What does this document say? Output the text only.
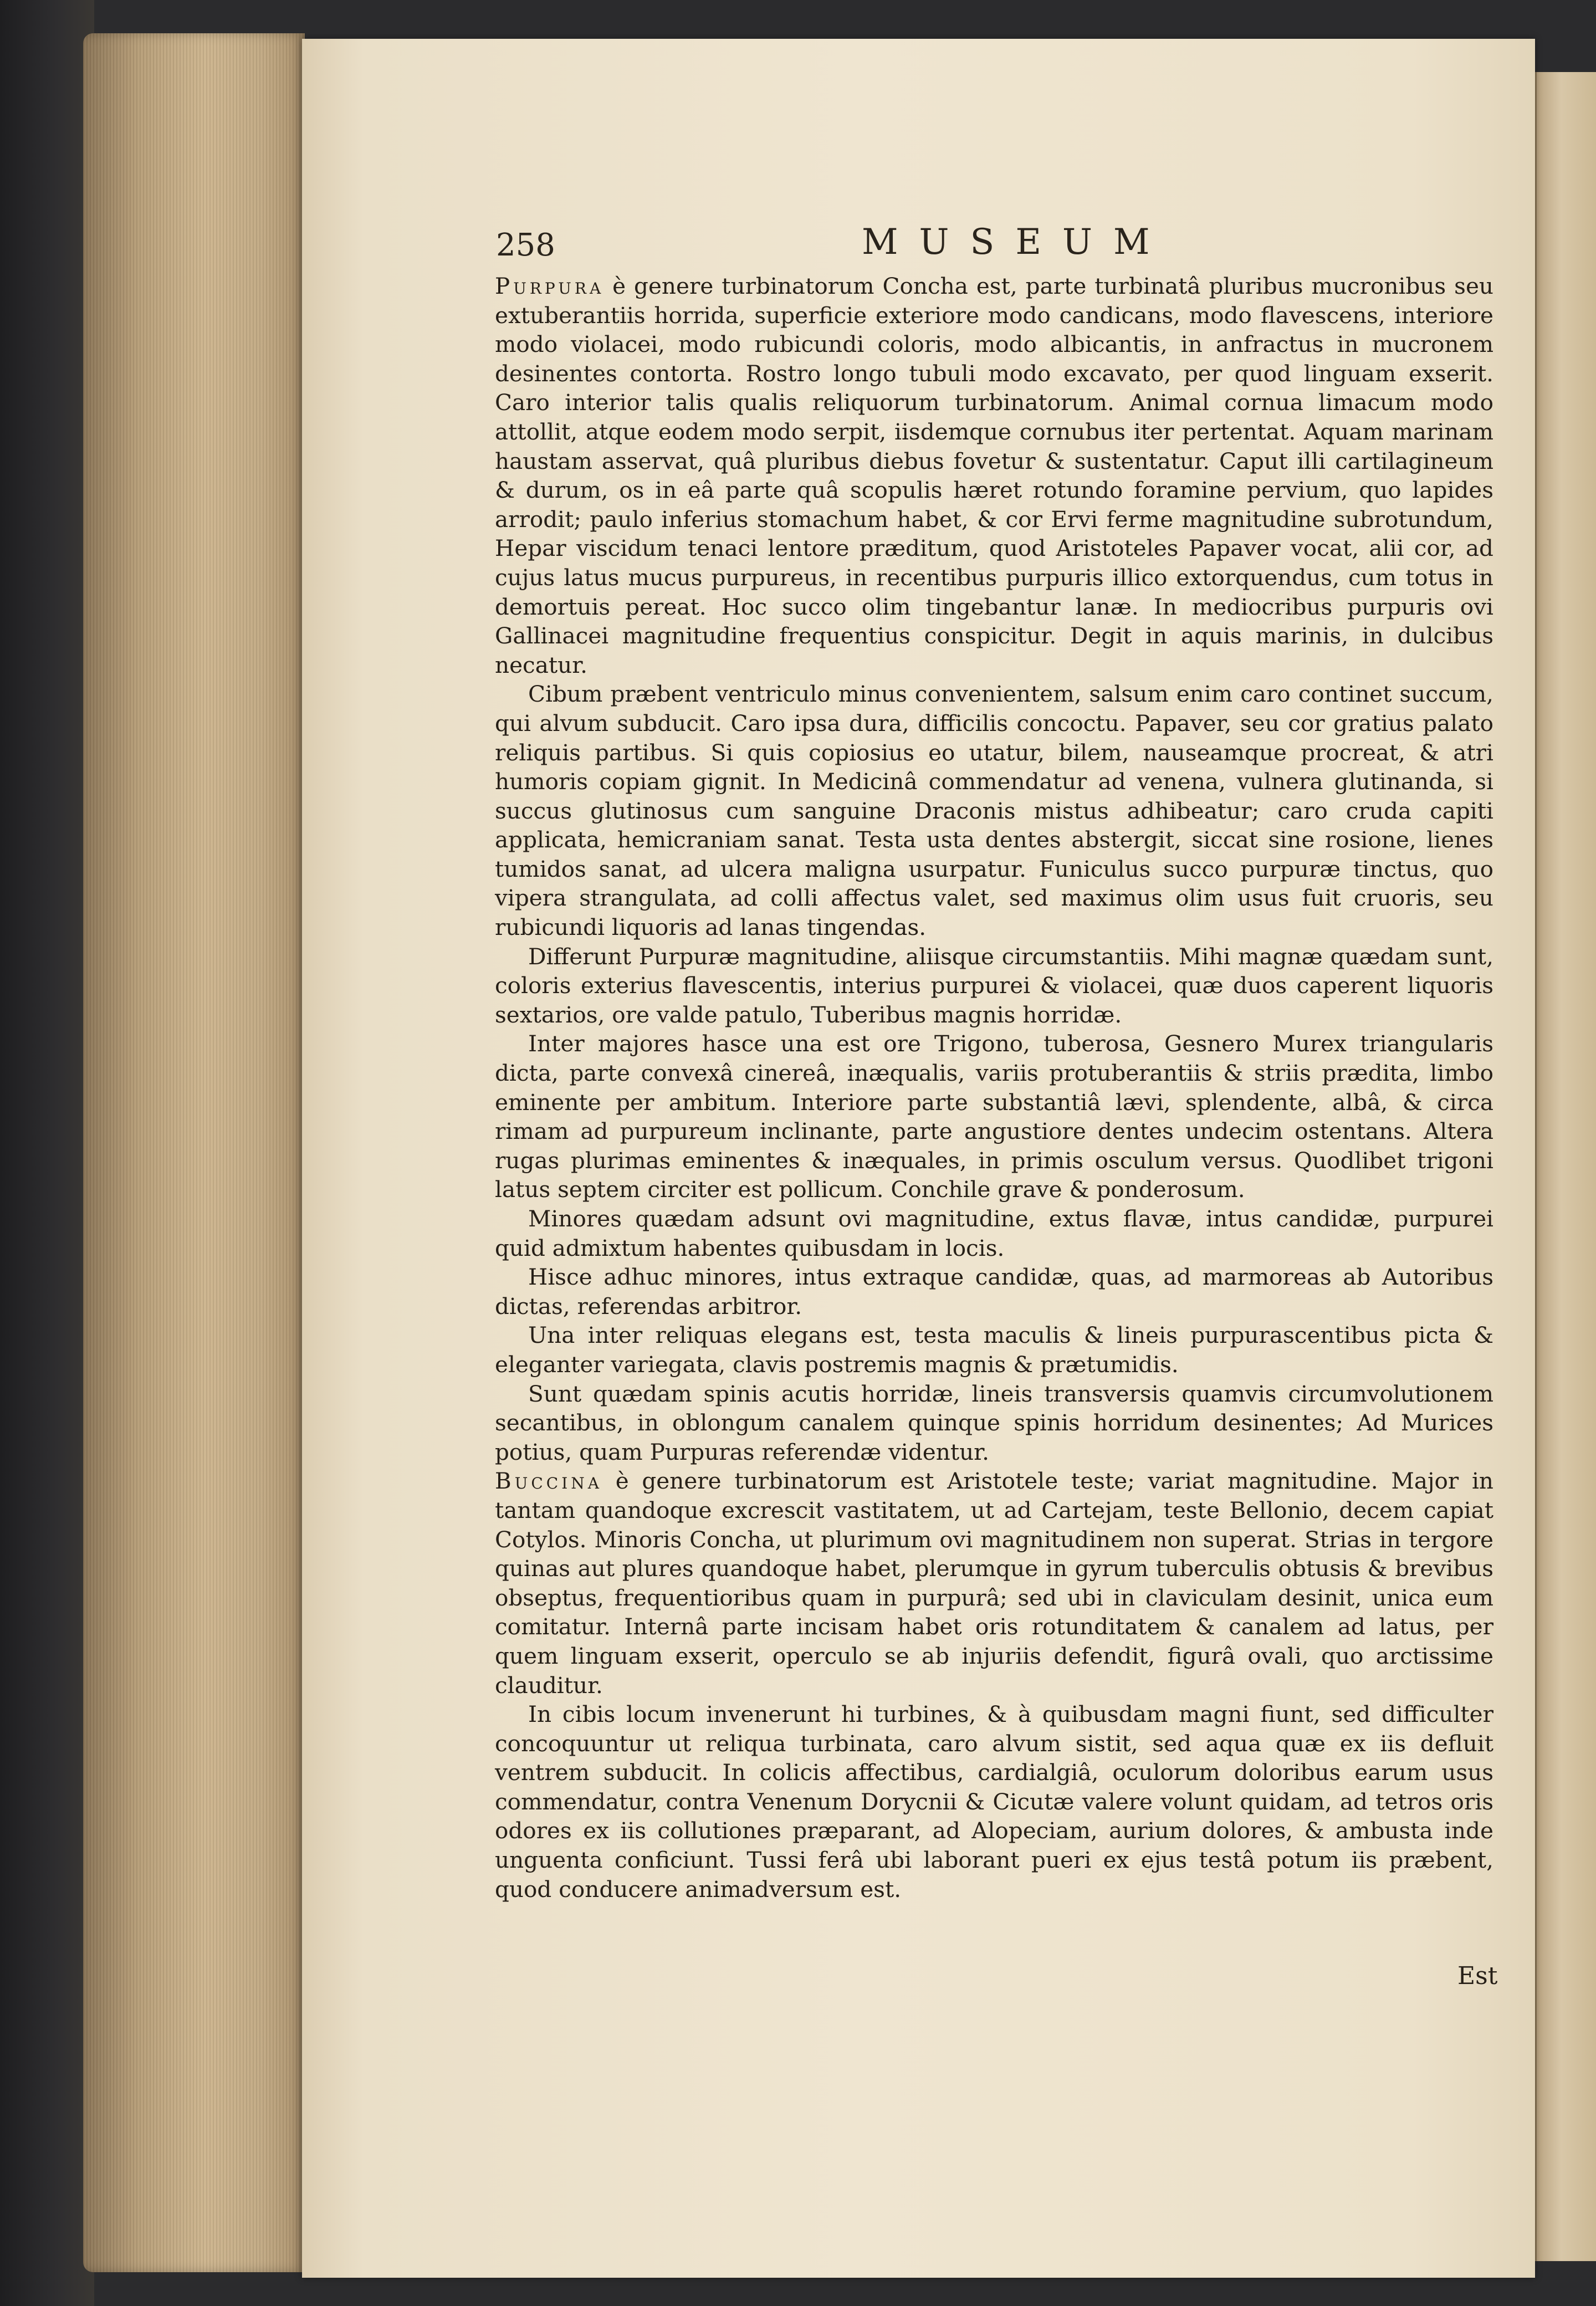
258	MUSEUM

Purpura è genere turbinatorum Concha est, parte turbinatâ pluribus mucronibus seu extuberantiis horrida, superficie exteriore modo candicans, modo flavescens, interiore modo violacei, modo rubicundi coloris, modo albicantis, in anfractus in mucronem desinentes contorta. Rostro longo tubuli modo excavato, per quod linguam exserit. Caro interior talis qualis reliquorum turbinatorum. Animal cornua limacum modo attollit, atque eodem modo serpit, iisdemque cornubus iter pertentat. Aquam marinam haustam asservat, quâ pluribus diebus fovetur & sustentatur. Caput illi cartilagineum & durum, os in eâ parte quâ scopulis hæret rotundo foramine pervium, quo lapides arrodit; paulo inferius stomachum habet, & cor Ervi ferme magnitudine subrotundum, Hepar viscidum tenaci lentore præditum, quod Aristoteles Papaver vocat, alii cor, ad cujus latus mucus purpureus, in recentibus purpuris illico extorquendus, cum totus in demortuis pereat. Hoc succo olim tingebantur lanæ. In mediocribus purpuris ovi Gallinacei magnitudine frequentius conspicitur. Degit in aquis marinis, in dulcibus necatur.

Cibum præbent ventriculo minus convenientem, salsum enim caro continet succum, qui alvum subducit. Caro ipsa dura, difficilis concoctu. Papaver, seu cor gratius palato reliquis partibus. Si quis copiosius eo utatur, bilem, nauseamque procreat, & atri humoris copiam gignit. In Medicinâ commendatur ad venena, vulnera glutinanda, si succus glutinosus cum sanguine Draconis mistus adhibeatur; caro cruda capiti applicata, hemicraniam sanat. Testa usta dentes abstergit, siccat sine rosione, lienes tumidos sanat, ad ulcera maligna usurpatur. Funiculus succo purpuræ tinctus, quo vipera strangulata, ad colli affectus valet, sed maximus olim usus fuit cruoris, seu rubicundi liquoris ad lanas tingendas.

Differunt Purpuræ magnitudine, aliisque circumstantiis. Mihi magnæ quædam sunt, coloris exterius flavescentis, interius purpurei & violacei, quæ duos caperent liquoris sextarios, ore valde patulo, Tuberibus magnis horridæ.

Inter majores hasce una est ore Trigono, tuberosa, Gesnero Murex triangularis dicta, parte convexâ cinereâ, inæqualis, variis protuberantiis & striis prædita, limbo eminente per ambitum. Interiore parte substantiâ lævi, splendente, albâ, & circa rimam ad purpureum inclinante, parte angustiore dentes undecim ostentans. Altera rugas plurimas eminentes & inæquales, in primis osculum versus. Quodlibet trigoni latus septem circiter est pollicum. Conchile grave & ponderosum.

Minores quædam adsunt ovi magnitudine, extus flavæ, intus candidæ, purpurei quid admixtum habentes quibusdam in locis.

Hisce adhuc minores, intus extraque candidæ, quas, ad marmoreas ab Autoribus dictas, referendas arbitror.

Una inter reliquas elegans est, testa maculis & lineis purpurascentibus picta & eleganter variegata, clavis postremis magnis & prætumidis.

Sunt quædam spinis acutis horridæ, lineis transversis quamvis circumvolutionem secantibus, in oblongum canalem quinque spinis horridum desinentes; Ad Murices potius, quam Purpuras referendæ videntur.

Buccina è genere turbinatorum est Aristotele teste; variat magnitudine. Major in tantam quandoque excrescit vastitatem, ut ad Cartejam, teste Bellonio, decem capiat Cotylos. Minoris Concha, ut plurimum ovi magnitudinem non superat. Strias in tergore quinas aut plures quandoque habet, plerumque in gyrum tuberculis obtusis & brevibus obseptus, frequentioribus quam in purpurâ; sed ubi in claviculam desinit, unica eum comitatur. Internâ parte incisam habet oris rotunditatem & canalem ad latus, per quem linguam exserit, operculo se ab injuriis defendit, figurâ ovali, quo arctissime clauditur.

In cibis locum invenerunt hi turbines, & à quibusdam magni fiunt, sed difficulter concoquuntur ut reliqua turbinata, caro alvum sistit, sed aqua quæ ex iis defluit ventrem subducit. In colicis affectibus, cardialgiâ, oculorum doloribus earum usus commendatur, contra Venenum Dorycnii & Cicutæ valere volunt quidam, ad tetros oris odores ex iis collutiones præparant, ad Alopeciam, aurium dolores, & ambusta inde unguenta conficiunt. Tussi ferâ ubi laborant pueri ex ejus testâ potum iis præbent, quod conducere animadversum est.

Est
